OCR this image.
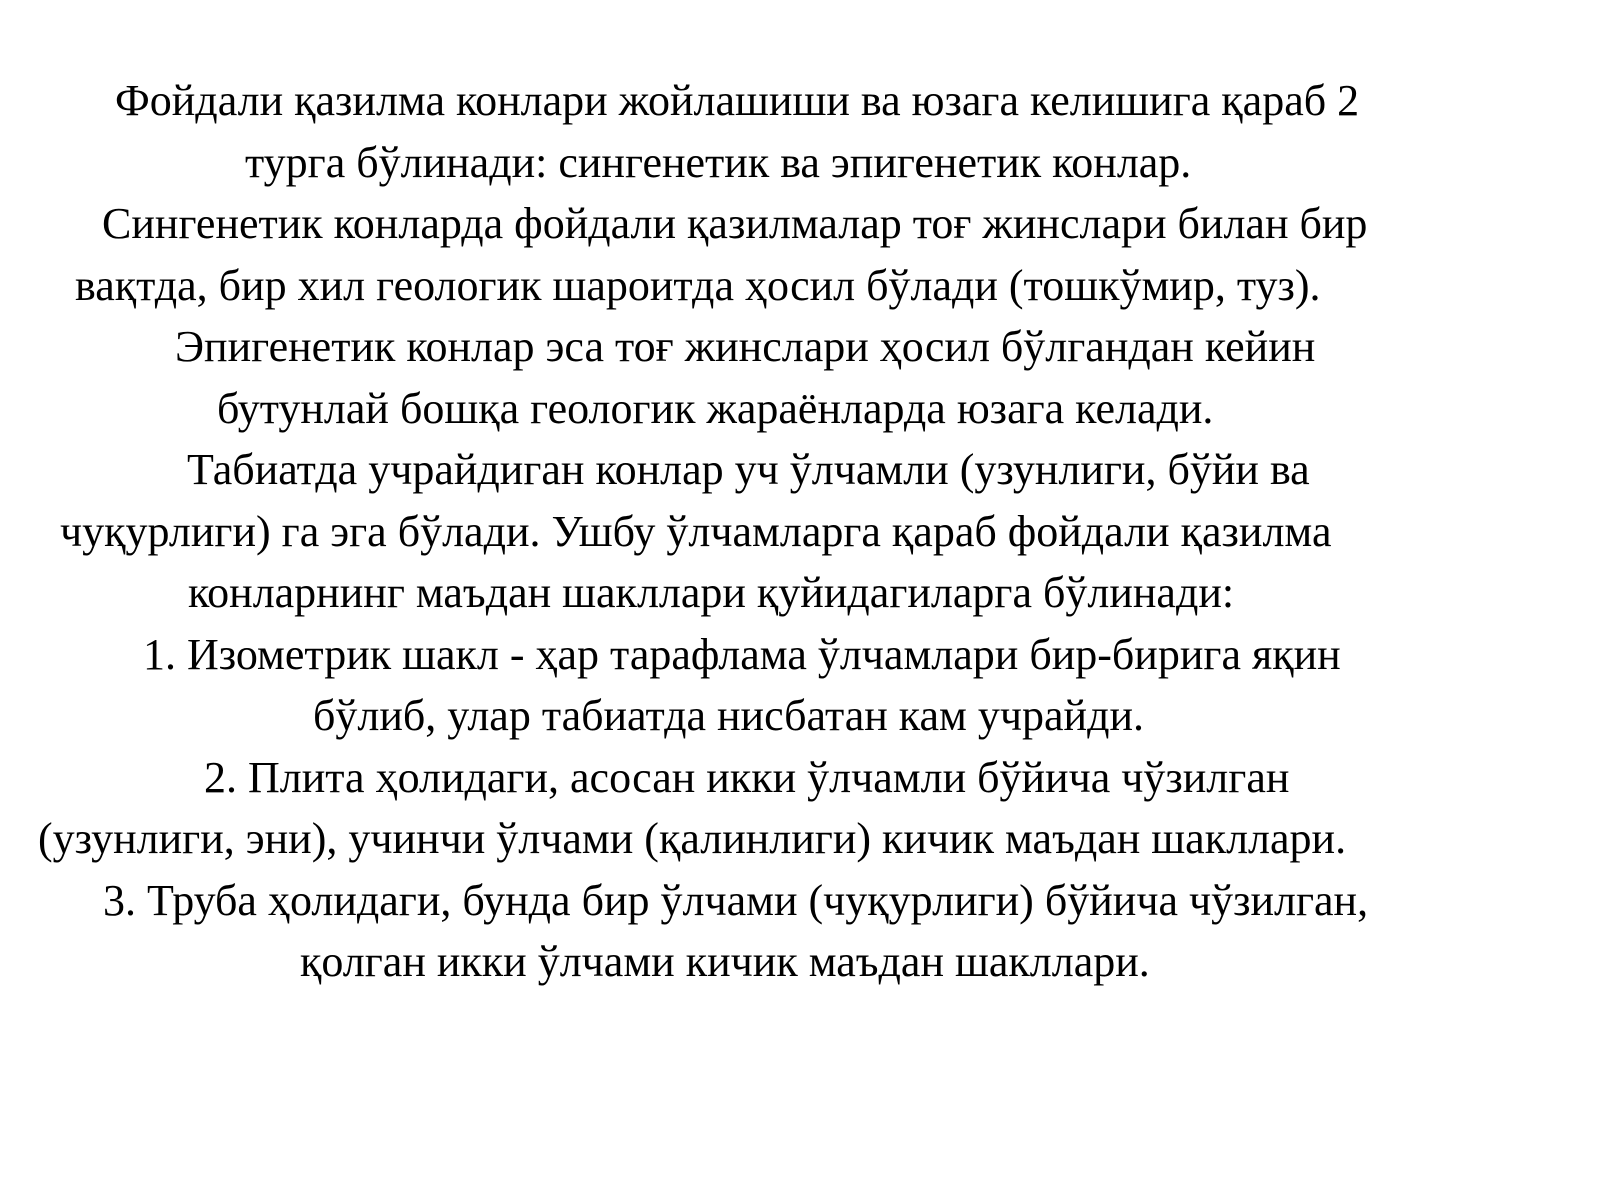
Фойдали қазилма конлари жойлашиши ва юзага келишига қараб 2
турга бўлинади: сингенетик ва эпигенетик конлар.
Сингенетик конларда фойдали қазилмалар тоғ жинслари билан бир
вақтда, бир хил геологик шароитда ҳосил бўлади (тошкўмир, туз).
Эпигенетик конлар эса тоғ жинслари ҳосил бўлгандан кейин
бутунлай бошқа геологик жараёнларда юзага келади.
Табиатда учрайдиган конлар уч ўлчамли (узунлиги, бўйи ва
чуқурлиги) га эга бўлади. Ушбу ўлчамларга қараб фойдали қазилма
конларнинг маъдан шакллари қуйидагиларга бўлинади:
1. Изометрик шакл - ҳар тарафлама ўлчамлари бир-бирига яқин
бўлиб, улар табиатда нисбатан кам учрайди.
2. Плита ҳолидаги, асосан икки ўлчамли бўйича чўзилган
(узунлиги, эни), учинчи ўлчами (қалинлиги) кичик маъдан шакллари.
3. Труба ҳолидаги, бунда бир ўлчами (чуқурлиги) бўйича чўзилган,
қолган икки ўлчами кичик маъдан шакллари.
